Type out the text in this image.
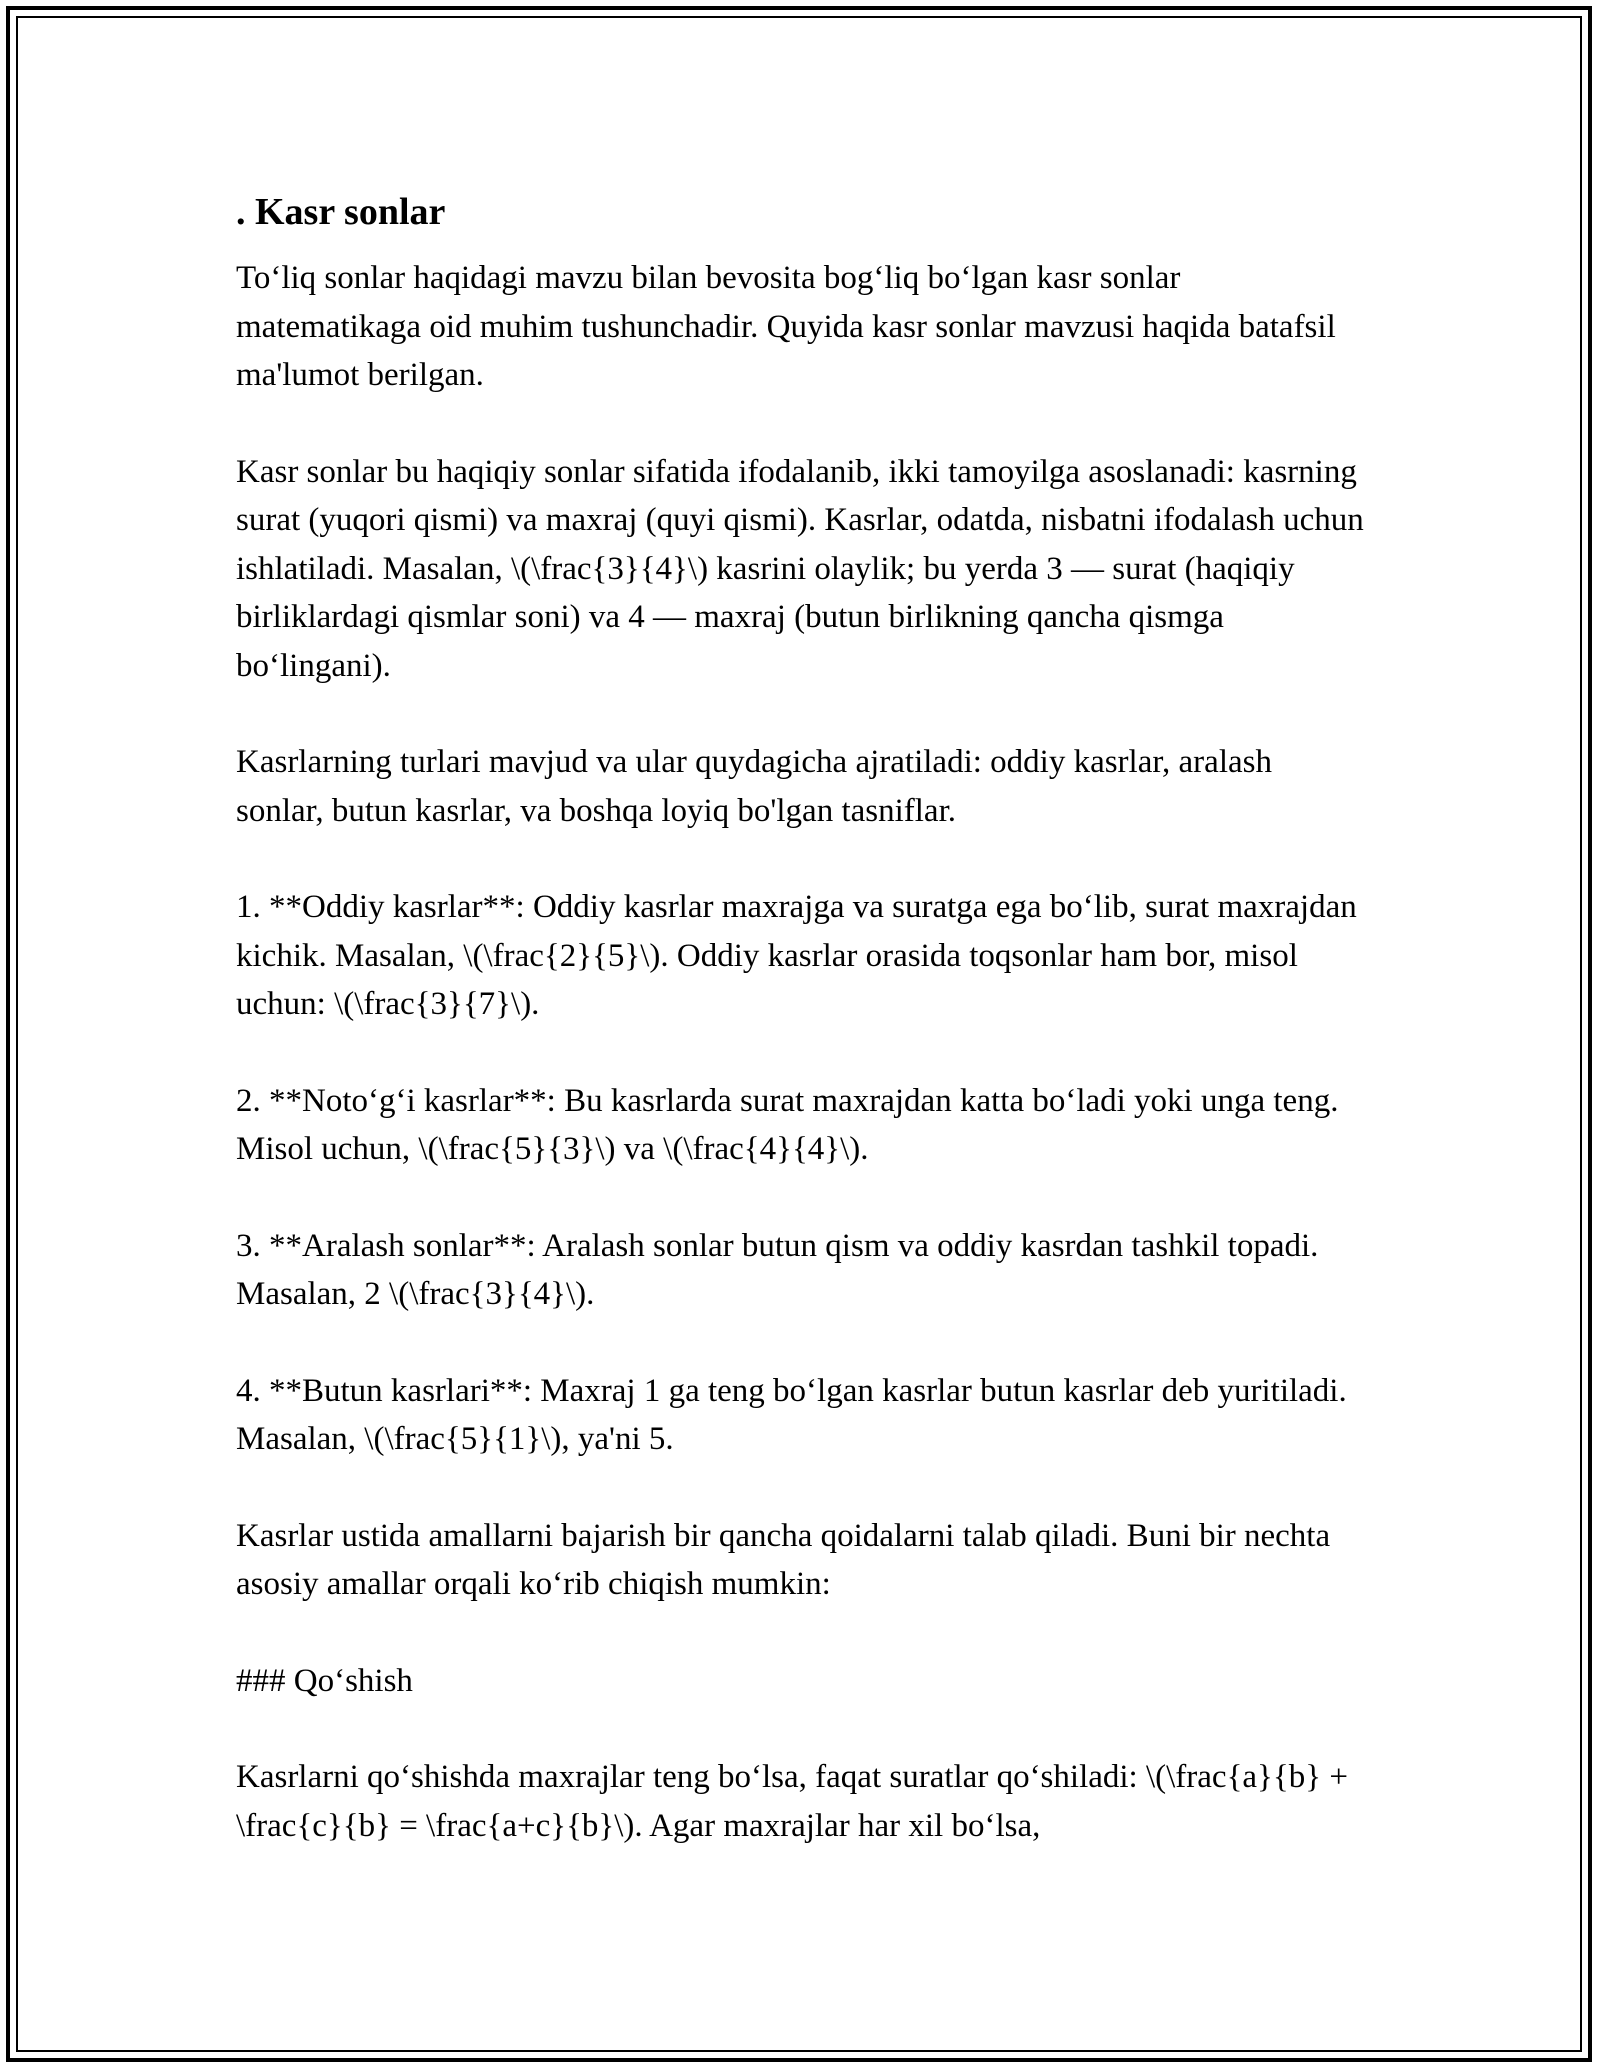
. Kasr sonlar

To‘liq sonlar haqidagi mavzu bilan bevosita bog‘liq bo‘lgan kasr sonlar matematikaga oid muhim tushunchadir. Quyida kasr sonlar mavzusi haqida batafsil ma'lumot berilgan.

Kasr sonlar bu haqiqiy sonlar sifatida ifodalanib, ikki tamoyilga asoslanadi: kasrning surat (yuqori qismi) va maxraj (quyi qismi). Kasrlar, odatda, nisbatni ifodalash uchun ishlatiladi. Masalan, \(\frac{3}{4}\) kasrini olaylik; bu yerda 3 — surat (haqiqiy birliklardagi qismlar soni) va 4 — maxraj (butun birlikning qancha qismga bo‘lingani).

Kasrlarning turlari mavjud va ular quydagicha ajratiladi: oddiy kasrlar, aralash sonlar, butun kasrlar, va boshqa loyiq bo'lgan tasniflar.

1. **Oddiy kasrlar**: Oddiy kasrlar maxrajga va suratga ega bo‘lib, surat maxrajdan kichik. Masalan, \(\frac{2}{5}\). Oddiy kasrlar orasida toqsonlar ham bor, misol uchun: \(\frac{3}{7}\).

2. **Noto‘g‘i kasrlar**: Bu kasrlarda surat maxrajdan katta bo‘ladi yoki unga teng. Misol uchun, \(\frac{5}{3}\) va \(\frac{4}{4}\).

3. **Aralash sonlar**: Aralash sonlar butun qism va oddiy kasrdan tashkil topadi. Masalan, 2 \(\frac{3}{4}\).

4. **Butun kasrlari**: Maxraj 1 ga teng bo‘lgan kasrlar butun kasrlar deb yuritiladi. Masalan, \(\frac{5}{1}\), ya'ni 5.

Kasrlar ustida amallarni bajarish bir qancha qoidalarni talab qiladi. Buni bir nechta asosiy amallar orqali ko‘rib chiqish mumkin:

### Qo‘shish

Kasrlarni qo‘shishda maxrajlar teng bo‘lsa, faqat suratlar qo‘shiladi: \(\frac{a}{b} + \frac{c}{b} = \frac{a+c}{b}\). Agar maxrajlar har xil bo‘lsa,
